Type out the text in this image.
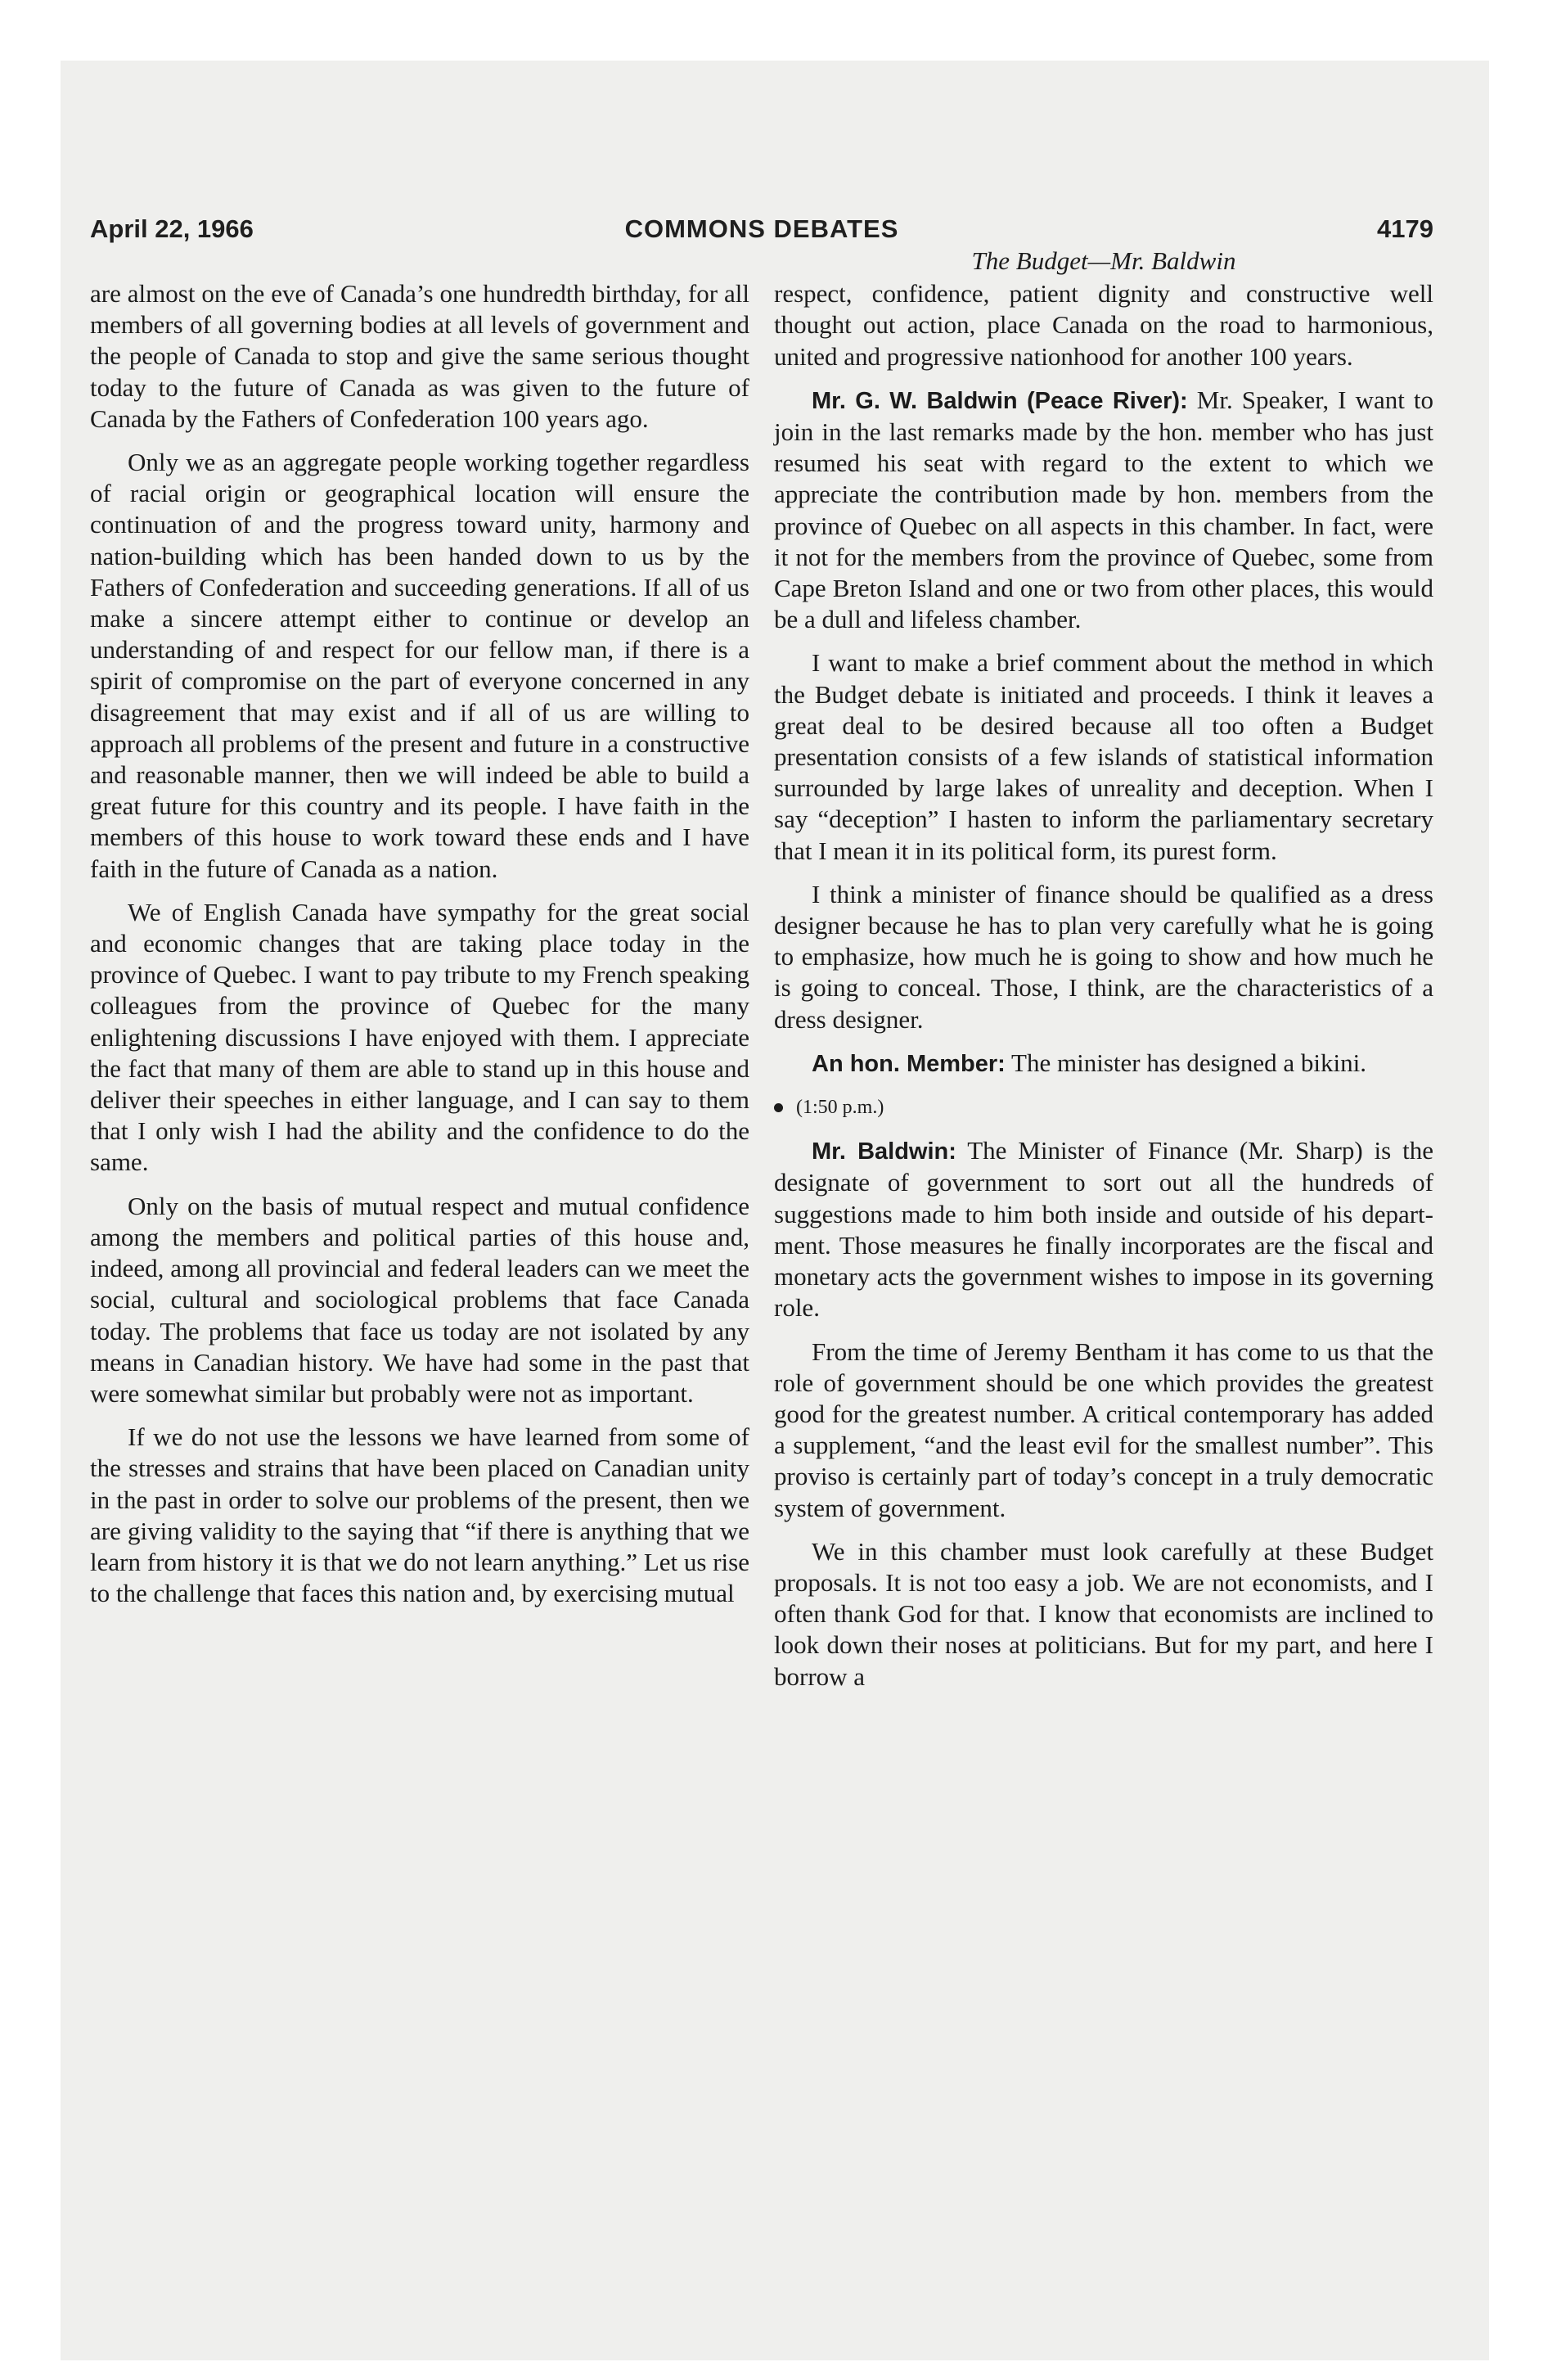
April 22, 1966	COMMONS DEBATES	4179

are almost on the eve of Canada’s one hundredth birthday, for all members of all governing bodies at all levels of government and the people of Canada to stop and give the same serious thought today to the future of Canada as was given to the future of Canada by the Fathers of Confederation 100 years ago.

Only we as an aggregate people working together regardless of racial origin or geographical location will ensure the continuation of and the progress toward unity, harmony and nation-building which has been handed down to us by the Fathers of Confederation and succeeding generations. If all of us make a sincere attempt either to continue or develop an understanding of and respect for our fellow man, if there is a spirit of compromise on the part of everyone concerned in any disagreement that may exist and if all of us are willing to approach all problems of the present and future in a constructive and reasonable manner, then we will indeed be able to build a great future for this country and its people. I have faith in the members of this house to work toward these ends and I have faith in the future of Canada as a nation.

We of English Canada have sympathy for the great social and economic changes that are taking place today in the province of Quebec. I want to pay tribute to my French speaking colleagues from the province of Quebec for the many enlightening discussions I have enjoyed with them. I appreciate the fact that many of them are able to stand up in this house and deliver their speeches in either language, and I can say to them that I only wish I had the ability and the confidence to do the same.

Only on the basis of mutual respect and mutual confidence among the members and political parties of this house and, indeed, among all provincial and federal leaders can we meet the social, cultural and sociological problems that face Canada today. The problems that face us today are not isolated by any means in Canadian history. We have had some in the past that were somewhat similar but probably were not as important.

If we do not use the lessons we have learned from some of the stresses and strains that have been placed on Canadian unity in the past in order to solve our problems of the present, then we are giving validity to the saying that “if there is anything that we learn from history it is that we do not learn anything.” Let us rise to the challenge that faces this nation and, by exercising mutual

The Budget—Mr. Baldwin

respect, confidence, patient dignity and constructive well thought out action, place Canada on the road to harmonious, united and progressive nationhood for another 100 years.

Mr. G. W. Baldwin (Peace River): Mr. Speaker, I want to join in the last remarks made by the hon. member who has just resumed his seat with regard to the extent to which we appreciate the contribution made by hon. members from the province of Quebec on all aspects in this chamber. In fact, were it not for the members from the province of Quebec, some from Cape Breton Island and one or two from other places, this would be a dull and lifeless chamber.

I want to make a brief comment about the method in which the Budget debate is initiated and proceeds. I think it leaves a great deal to be desired because all too often a Budget presentation consists of a few islands of statistical information surrounded by large lakes of unreality and deception. When I say “deception” I hasten to inform the parliamentary secretary that I mean it in its political form, its purest form.

I think a minister of finance should be qualified as a dress designer because he has to plan very carefully what he is going to emphasize, how much he is going to show and how much he is going to conceal. Those, I think, are the characteristics of a dress designer.

An hon. Member: The minister has designed a bikini.

(1:50 p.m.)

Mr. Baldwin: The Minister of Finance (Mr. Sharp) is the designate of government to sort out all the hundreds of suggestions made to him both inside and outside of his department. Those measures he finally incorporates are the fiscal and monetary acts the government wishes to impose in its governing role.

From the time of Jeremy Bentham it has come to us that the role of government should be one which provides the greatest good for the greatest number. A critical contemporary has added a supplement, “and the least evil for the smallest number”. This proviso is certainly part of today’s concept in a truly democratic system of government.

We in this chamber must look carefully at these Budget proposals. It is not too easy a job. We are not economists, and I often thank God for that. I know that economists are inclined to look down their noses at politicians. But for my part, and here I borrow a
